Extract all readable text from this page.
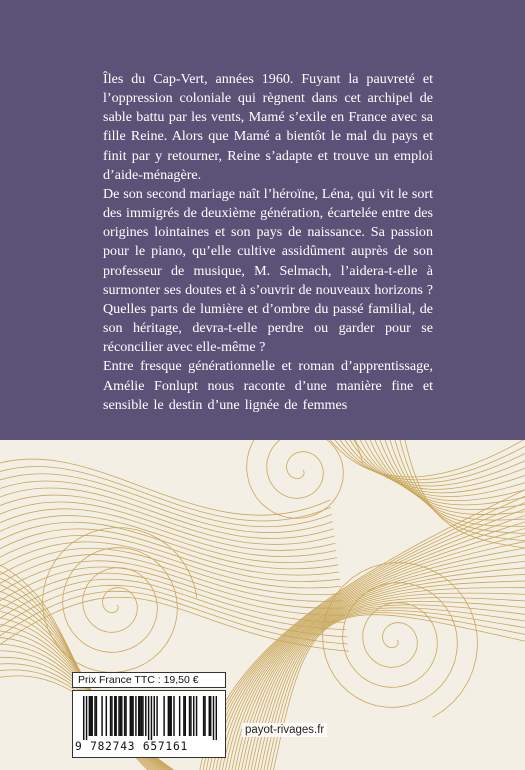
Îles du Cap-Vert, années 1960. Fuyant la pauvreté et l’oppression coloniale qui règnent dans cet archipel de sable battu par les vents, Mamé s’exile en France avec sa fille Reine. Alors que Mamé a bientôt le mal du pays et finit par y retourner, Reine s’adapte et trouve un emploi d’aide-ménagère.

De son second mariage naît l’héroïne, Léna, qui vit le sort des immigrés de deuxième génération, écartelée entre des origines lointaines et son pays de naissance. Sa passion pour le piano, qu’elle cultive assidûment auprès de son professeur de musique, M. Selmach, l’aidera-t-elle à surmonter ses doutes et à s’ouvrir de nouveaux horizons ? Quelles parts de lumière et d’ombre du passé familial, de son héritage, devra-t-elle perdre ou garder pour se réconcilier avec elle-même ?

Entre fresque générationnelle et roman d’apprentissage, Amélie Fonlupt nous raconte d’une manière fine et sensible le destin d’une lignée de femmes ... qui ont fait face à la vie avec force, parfois dans l’épreuve.

Prix France TTC : 19,50 €
9 782743 657161
payot-rivages.fr
